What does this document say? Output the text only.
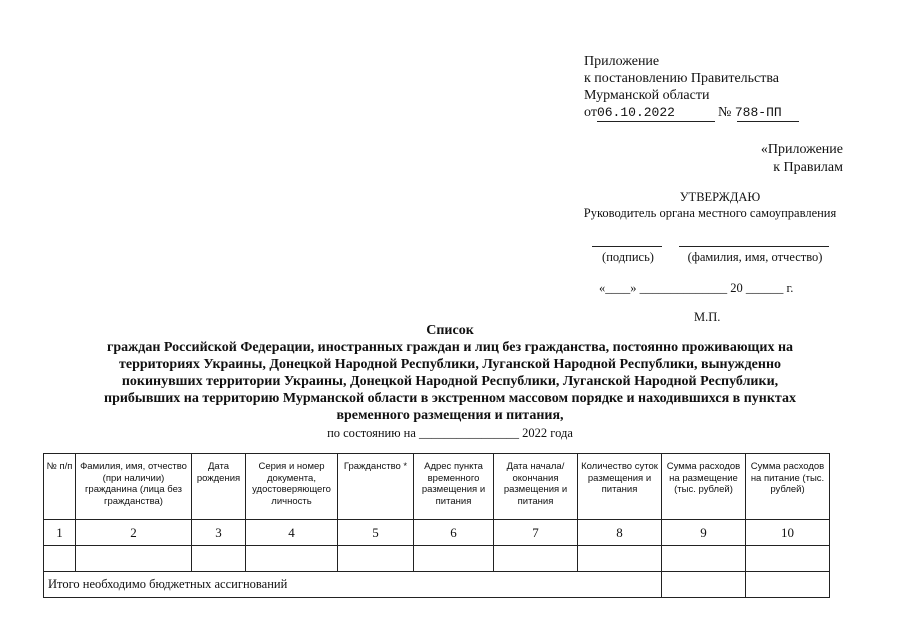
Приложение
к постановлению Правительства
Мурманской области
от06.10.2022	№ 788-ПП
«Приложение
к Правилам
УТВЕРЖДАЮ
Руководитель органа местного самоуправления
(подпись)	(фамилия, имя, отчество)
«____» ______________ 20 ______ г.
М.П.
Список
граждан Российской Федерации, иностранных граждан и лиц без гражданства, постоянно проживающих на
территориях Украины, Донецкой Народной Республики, Луганской Народной Республики, вынужденно
покинувших территории Украины, Донецкой Народной Республики, Луганской Народной Республики,
прибывших на территорию Мурманской области в экстренном массовом порядке и находившихся в пунктах
временного размещения и питания,
по состоянию на ________________ 2022 года
№ п/п	Фамилия, имя, отчество (при наличии) гражданина (лица без гражданства)	Дата рождения	Серия и номер документа, удостоверяющего личность	Гражданство *	Адрес пункта временного размещения и питания	Дата начала/окончания размещения и питания	Количество суток размещения и питания	Сумма расходов на размещение (тыс. рублей)	Сумма расходов на питание (тыс. рублей)
1	2	3	4	5	6	7	8	9	10

Итого необходимо бюджетных ассигнований									
